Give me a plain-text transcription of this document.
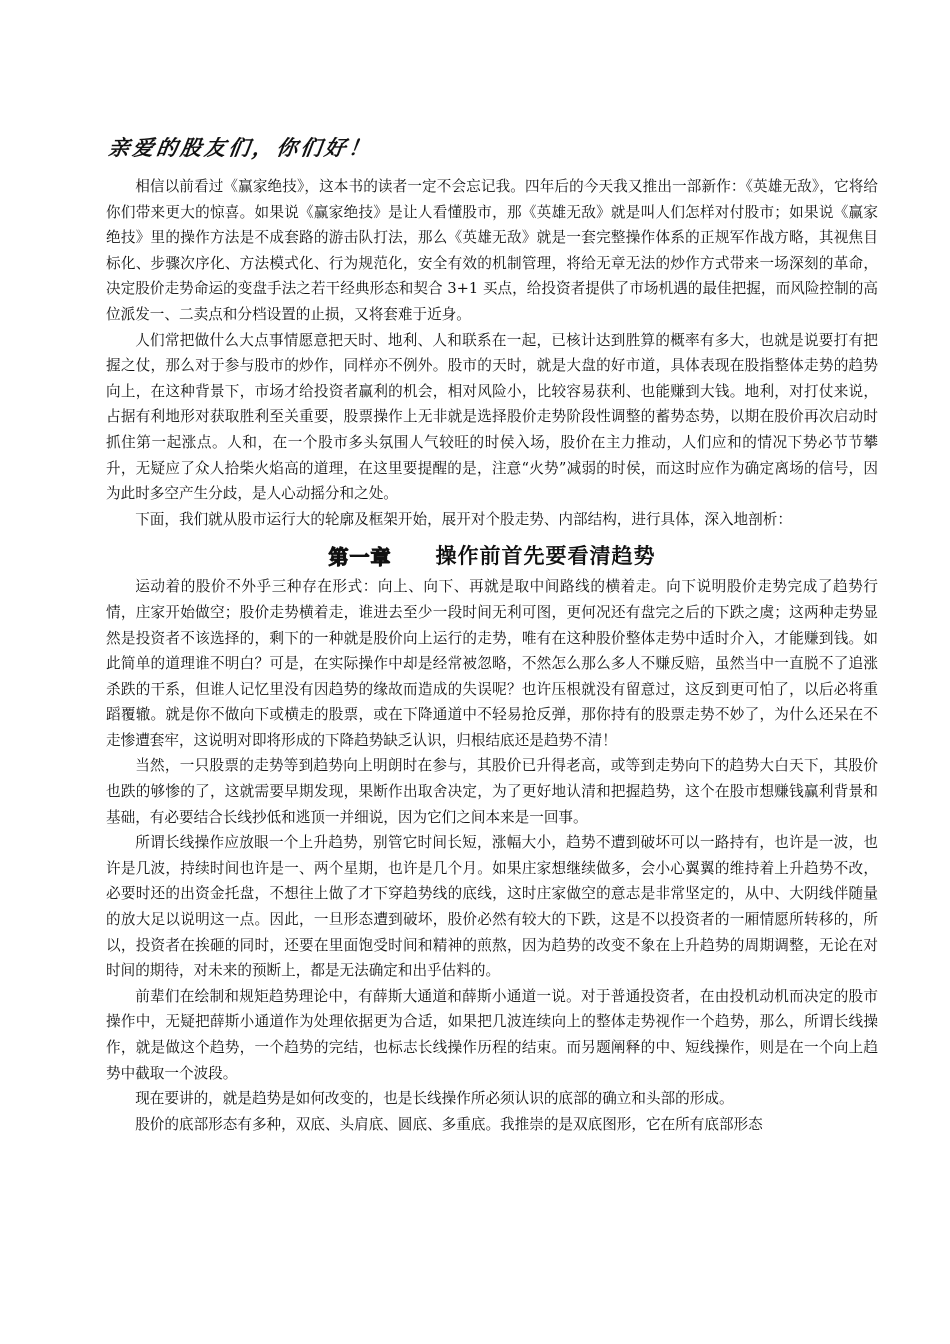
亲爱的股友们，你们好！

相信以前看过《赢家绝技》，这本书的读者一定不会忘记我。四年后的今天我又推出一部新作：《英雄无敌》，它将给你们带来更大的惊喜。如果说《赢家绝技》是让人看懂股市，那《英雄无敌》就是叫人们怎样对付股市；如果说《赢家绝技》里的操作方法是不成套路的游击队打法，那么《英雄无敌》就是一套完整操作体系的正规军作战方略，其视焦目标化、步骤次序化、方法模式化、行为规范化，安全有效的机制管理，将给无章无法的炒作方式带来一场深刻的革命，决定股价走势命运的变盘手法之若干经典形态和契合 3+1 买点，给投资者提供了市场机遇的最佳把握，而风险控制的高位派发一、二卖点和分档设置的止损，又将套难于近身。

人们常把做什么大点事情愿意把天时、地利、人和联系在一起，已核计达到胜算的概率有多大，也就是说要打有把握之仗，那么对于参与股市的炒作，同样亦不例外。股市的天时，就是大盘的好市道，具体表现在股指整体走势的趋势向上，在这种背景下，市场才给投资者赢利的机会，相对风险小，比较容易获利、也能赚到大钱。地利，对打仗来说，占据有利地形对获取胜利至关重要，股票操作上无非就是选择股价走势阶段性调整的蓄势态势，以期在股价再次启动时抓住第一起涨点。人和，在一个股市多头氛围人气较旺的时侯入场，股价在主力推动，人们应和的情况下势必节节攀升，无疑应了众人拾柴火焰高的道理，在这里要提醒的是，注意“火势”减弱的时侯，而这时应作为确定离场的信号，因为此时多空产生分歧，是人心动摇分和之处。

下面，我们就从股市运行大的轮廓及框架开始，展开对个股走势、内部结构，进行具体，深入地剖析：

第一章 操作前首先要看清趋势

运动着的股价不外乎三种存在形式：向上、向下、再就是取中间路线的横着走。向下说明股价走势完成了趋势行情，庄家开始做空；股价走势横着走，谁进去至少一段时间无利可图，更何况还有盘完之后的下跌之虞；这两种走势显然是投资者不该选择的，剩下的一种就是股价向上运行的走势，唯有在这种股价整体走势中适时介入，才能赚到钱。如此简单的道理谁不明白？可是，在实际操作中却是经常被忽略，不然怎么那么多人不赚反赔，虽然当中一直脱不了追涨杀跌的干系，但谁人记忆里没有因趋势的缘故而造成的失误呢？也许压根就没有留意过，这反到更可怕了，以后必将重蹈覆辙。就是你不做向下或横走的股票，或在下降通道中不轻易抢反弹，那你持有的股票走势不妙了，为什么还呆在不走惨遭套牢，这说明对即将形成的下降趋势缺乏认识，归根结底还是趋势不清！

当然，一只股票的走势等到趋势向上明朗时在参与，其股价已升得老高，或等到走势向下的趋势大白天下，其股价也跌的够惨的了，这就需要早期发现，果断作出取舍决定，为了更好地认清和把握趋势，这个在股市想赚钱赢利背景和基础，有必要结合长线抄低和逃顶一并细说，因为它们之间本来是一回事。

所谓长线操作应放眼一个上升趋势，别管它时间长短，涨幅大小，趋势不遭到破坏可以一路持有，也许是一波，也许是几波，持续时间也许是一、两个星期，也许是几个月。如果庄家想继续做多，会小心翼翼的维持着上升趋势不改，必要时还的出资金托盘，不想往上做了才下穿趋势线的底线，这时庄家做空的意志是非常坚定的，从中、大阴线伴随量的放大足以说明这一点。因此，一旦形态遭到破坏，股价必然有较大的下跌，这是不以投资者的一厢情愿所转移的，所以，投资者在挨砸的同时，还要在里面饱受时间和精神的煎熬，因为趋势的改变不象在上升趋势的周期调整，无论在对时间的期待，对未来的预断上，都是无法确定和出乎估料的。

前辈们在绘制和规矩趋势理论中，有薛斯大通道和薛斯小通道一说。对于普通投资者，在由投机动机而决定的股市操作中，无疑把薛斯小通道作为处理依据更为合适，如果把几波连续向上的整体走势视作一个趋势，那么，所谓长线操作，就是做这个趋势，一个趋势的完结，也标志长线操作历程的结束。而另题阐释的中、短线操作，则是在一个向上趋势中截取一个波段。

现在要讲的，就是趋势是如何改变的，也是长线操作所必须认识的底部的确立和头部的形成。

股价的底部形态有多种，双底、头肩底、圆底、多重底。我推崇的是双底图形，它在所有底部形态
